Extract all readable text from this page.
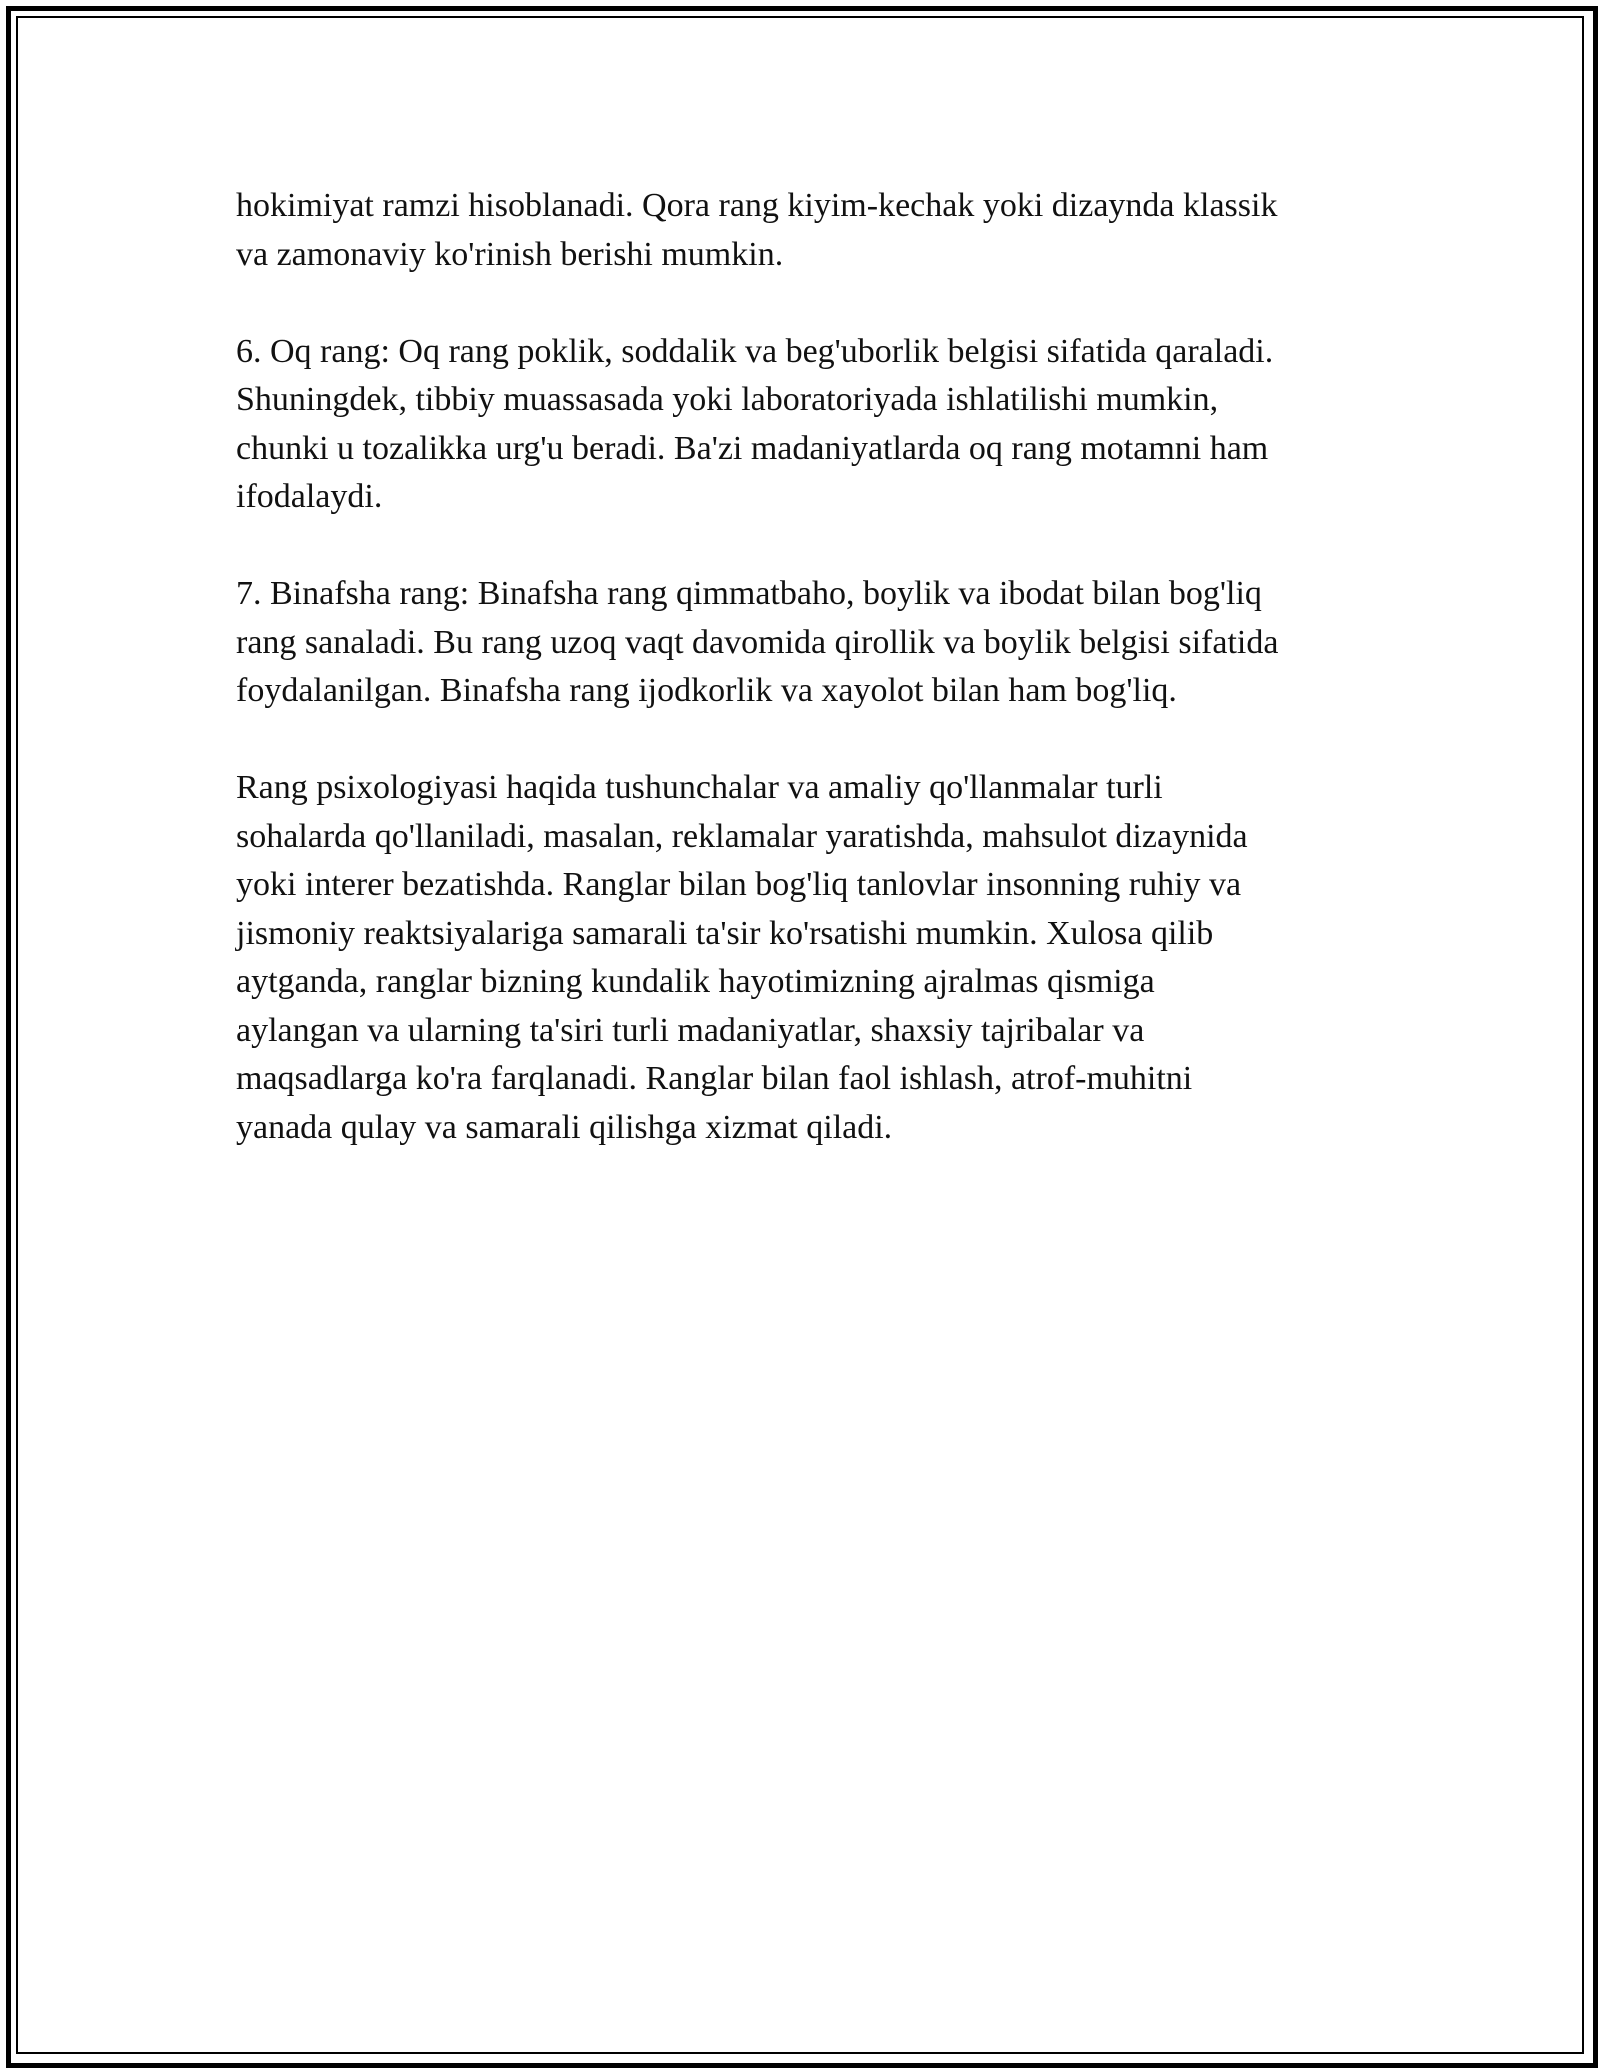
hokimiyat ramzi hisoblanadi. Qora rang kiyim-kechak yoki dizaynda klassik
va zamonaviy ko'rinish berishi mumkin.

6. Oq rang: Oq rang poklik, soddalik va beg'uborlik belgisi sifatida qaraladi.
Shuningdek, tibbiy muassasada yoki laboratoriyada ishlatilishi mumkin,
chunki u tozalikka urg'u beradi. Ba'zi madaniyatlarda oq rang motamni ham
ifodalaydi.

7. Binafsha rang: Binafsha rang qimmatbaho, boylik va ibodat bilan bog'liq
rang sanaladi. Bu rang uzoq vaqt davomida qirollik va boylik belgisi sifatida
foydalanilgan. Binafsha rang ijodkorlik va xayolot bilan ham bog'liq.

Rang psixologiyasi haqida tushunchalar va amaliy qo'llanmalar turli
sohalarda qo'llaniladi, masalan, reklamalar yaratishda, mahsulot dizaynida
yoki interer bezatishda. Ranglar bilan bog'liq tanlovlar insonning ruhiy va
jismoniy reaktsiyalariga samarali ta'sir ko'rsatishi mumkin. Xulosa qilib
aytganda, ranglar bizning kundalik hayotimizning ajralmas qismiga
aylangan va ularning ta'siri turli madaniyatlar, shaxsiy tajribalar va
maqsadlarga ko'ra farqlanadi. Ranglar bilan faol ishlash, atrof-muhitni
yanada qulay va samarali qilishga xizmat qiladi.
